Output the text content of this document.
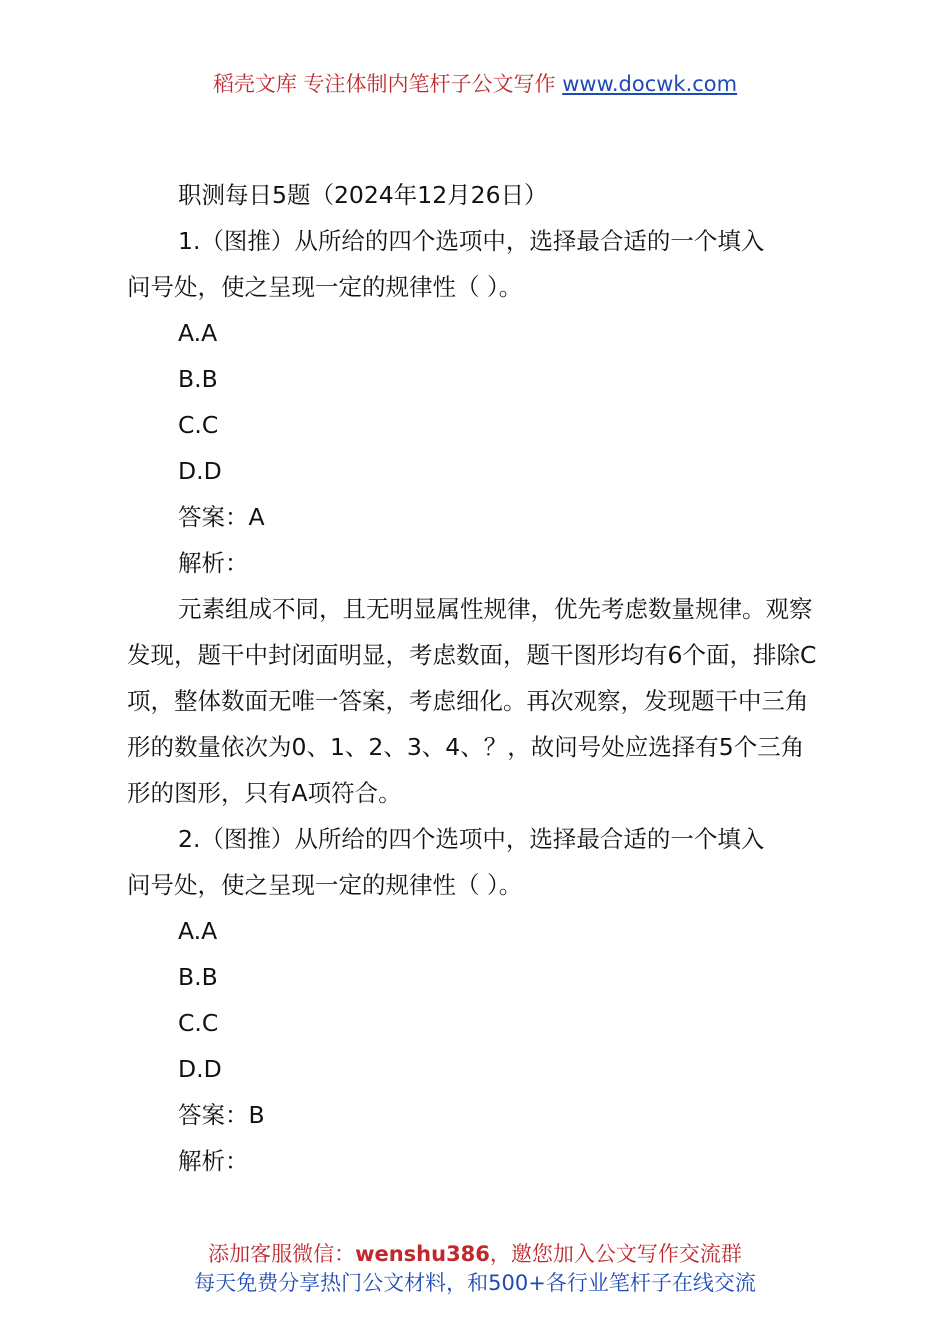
稻壳文库 专注体制内笔杆子公文写作 www.docwk.com

职测每日5题（2024年12月26日）

1.（图推）从所给的四个选项中，选择最合适的一个填入

问号处，使之呈现一定的规律性（ ）。

A.A

B.B

C.C

D.D

答案：A

解析：

元素组成不同，且无明显属性规律，优先考虑数量规律。观察发现，题干中封闭面明显，考虑数面，题干图形均有6个面，排除C项，整体数面无唯一答案，考虑细化。再次观察，发现题干中三角形的数量依次为0、1、2、3、4、？，故问号处应选择有5个三角形的图形，只有A项符合。

2.（图推）从所给的四个选项中，选择最合适的一个填入

问号处，使之呈现一定的规律性（ ）。

A.A

B.B

C.C

D.D

答案：B

解析：

添加客服微信：wenshu386，邀您加入公文写作交流群
每天免费分享热门公文材料，和500+各行业笔杆子在线交流
